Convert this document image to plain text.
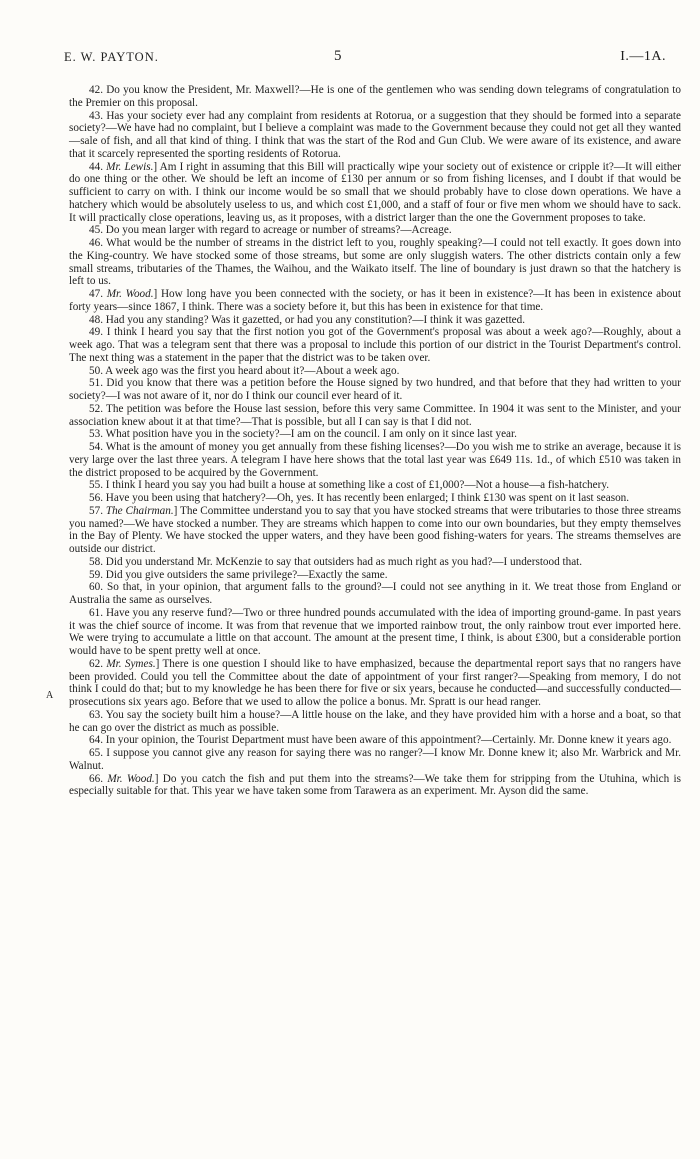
E. W. PAYTON.	5	I.—1A.
A

42. Do you know the President, Mr. Maxwell?—He is one of the gentlemen who was sending down telegrams of congratulation to the Premier on this proposal.

43. Has your society ever had any complaint from residents at Rotorua, or a suggestion that they should be formed into a separate society?—We have had no complaint, but I believe a complaint was made to the Government because they could not get all they wanted—sale of fish, and all that kind of thing. I think that was the start of the Rod and Gun Club. We were aware of its existence, and aware that it scarcely represented the sporting residents of Rotorua.

44. Mr. Lewis.] Am I right in assuming that this Bill will practically wipe your society out of existence or cripple it?—It will either do one thing or the other. We should be left an income of £130 per annum or so from fishing licenses, and I doubt if that would be sufficient to carry on with. I think our income would be so small that we should probably have to close down operations. We have a hatchery which would be absolutely useless to us, and which cost £1,000, and a staff of four or five men whom we should have to sack. It will practically close operations, leaving us, as it proposes, with a district larger than the one the Government proposes to take.

45. Do you mean larger with regard to acreage or number of streams?—Acreage.

46. What would be the number of streams in the district left to you, roughly speaking?—I could not tell exactly. It goes down into the King-country. We have stocked some of those streams, but some are only sluggish waters. The other districts contain only a few small streams, tributaries of the Thames, the Waihou, and the Waikato itself. The line of boundary is just drawn so that the hatchery is left to us.

47. Mr. Wood.] How long have you been connected with the society, or has it been in existence?—It has been in existence about forty years—since 1867, I think. There was a society before it, but this has been in existence for that time.

48. Had you any standing? Was it gazetted, or had you any constitution?—I think it was gazetted.

49. I think I heard you say that the first notion you got of the Government's proposal was about a week ago?—Roughly, about a week ago. That was a telegram sent that there was a proposal to include this portion of our district in the Tourist Department's control. The next thing was a statement in the paper that the district was to be taken over.

50. A week ago was the first you heard about it?—About a week ago.

51. Did you know that there was a petition before the House signed by two hundred, and that before that they had written to your society?—I was not aware of it, nor do I think our council ever heard of it.

52. The petition was before the House last session, before this very same Committee. In 1904 it was sent to the Minister, and your association knew about it at that time?—That is possible, but all I can say is that I did not.

53. What position have you in the society?—I am on the council. I am only on it since last year.

54. What is the amount of money you get annually from these fishing licenses?—Do you wish me to strike an average, because it is very large over the last three years. A telegram I have here shows that the total last year was £649 11s. 1d., of which £510 was taken in the district proposed to be acquired by the Government.

55. I think I heard you say you had built a house at something like a cost of £1,000?—Not a house—a fish-hatchery.

56. Have you been using that hatchery?—Oh, yes. It has recently been enlarged; I think £130 was spent on it last season.

57. The Chairman.] The Committee understand you to say that you have stocked streams that were tributaries to those three streams you named?—We have stocked a number. They are streams which happen to come into our own boundaries, but they empty themselves in the Bay of Plenty. We have stocked the upper waters, and they have been good fishing-waters for years. The streams themselves are outside our district.

58. Did you understand Mr. McKenzie to say that outsiders had as much right as you had?—I understood that.

59. Did you give outsiders the same privilege?—Exactly the same.

60. So that, in your opinion, that argument falls to the ground?—I could not see anything in it. We treat those from England or Australia the same as ourselves.

61. Have you any reserve fund?—Two or three hundred pounds accumulated with the idea of importing ground-game. In past years it was the chief source of income. It was from that revenue that we imported rainbow trout, the only rainbow trout ever imported here. We were trying to accumulate a little on that account. The amount at the present time, I think, is about £300, but a considerable portion would have to be spent pretty well at once.

62. Mr. Symes.] There is one question I should like to have emphasized, because the departmental report says that no rangers have been provided. Could you tell the Committee about the date of appointment of your first ranger?—Speaking from memory, I do not think I could do that; but to my knowledge he has been there for five or six years, because he conducted—and successfully conducted—prosecutions six years ago. Before that we used to allow the police a bonus. Mr. Spratt is our head ranger.

63. You say the society built him a house?—A little house on the lake, and they have provided him with a horse and a boat, so that he can go over the district as much as possible.

64. In your opinion, the Tourist Department must have been aware of this appointment?—Certainly. Mr. Donne knew it years ago.

65. I suppose you cannot give any reason for saying there was no ranger?—I know Mr. Donne knew it; also Mr. Warbrick and Mr. Walnut.

66. Mr. Wood.] Do you catch the fish and put them into the streams?—We take them for stripping from the Utuhina, which is especially suitable for that. This year we have taken some from Tarawera as an experiment. Mr. Ayson did the same.
